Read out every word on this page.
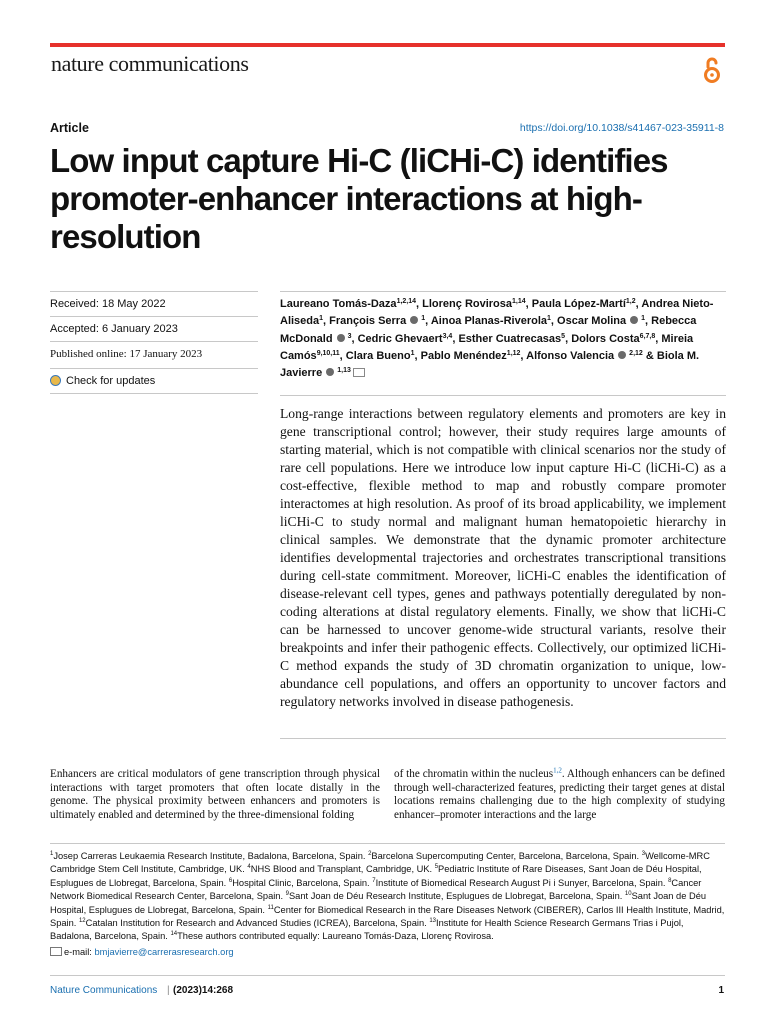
nature communications
Article	https://doi.org/10.1038/s41467-023-35911-8
Low input capture Hi-C (liCHi-C) identifies promoter-enhancer interactions at high-resolution
Received: 18 May 2022
Accepted: 6 January 2023
Published online: 17 January 2023
Check for updates

Laureano Tomás-Daza$^{1,2,14}$, Llorenç Rovirosa$^{1,14}$, Paula López-Martí$^{1,2}$, Andrea Nieto-Aliseda$^1$, François Serra  $^1$, Ainoa Planas-Riverola$^1$, Oscar Molina  $^1$, Rebecca McDonald  $^3$, Cedric Ghevaert$^{3,4}$, Esther Cuatrecasas$^5$, Dolors Costa$^{6,7,8}$, Mireia Camós$^{9,10,11}$, Clara Bueno$^1$, Pablo Menéndez$^{1,12}$, Alfonso Valencia  $^{2,12}$ & Biola M. Javierre  $^{1,13}$

Long-range interactions between regulatory elements and promoters are key in gene transcriptional control; however, their study requires large amounts of starting material, which is not compatible with clinical scenarios nor the study of rare cell populations. Here we introduce low input capture Hi-C (liCHi-C) as a cost-effective, flexible method to map and robustly compare promoter interactomes at high resolution. As proof of its broad applicability, we implement liCHi-C to study normal and malignant human hematopoietic hierarchy in clinical samples. We demonstrate that the dynamic promoter architecture identifies developmental trajectories and orchestrates transcriptional transitions during cell-state commitment. Moreover, liCHi-C enables the identification of disease-relevant cell types, genes and pathways potentially deregulated by non-coding alterations at distal regulatory elements. Finally, we show that liCHi-C can be harnessed to uncover genome-wide structural variants, resolve their breakpoints and infer their pathogenic effects. Collectively, our optimized liCHi-C method expands the study of 3D chromatin organization to unique, low-abundance cell populations, and offers an opportunity to uncover factors and regulatory networks involved in disease pathogenesis.

Enhancers are critical modulators of gene transcription through physical interactions with target promoters that often locate distally in the genome. The physical proximity between enhancers and promoters is ultimately enabled and determined by the three-dimensional folding

of the chromatin within the nucleus$^{1,2}$. Although enhancers can be defined through well-characterized features, predicting their target genes at distal locations remains challenging due to the high complexity of studying enhancer–promoter interactions and the large

$^1$Josep Carreras Leukaemia Research Institute, Badalona, Barcelona, Spain. $^2$Barcelona Supercomputing Center, Barcelona, Barcelona, Spain. $^3$Wellcome-MRC Cambridge Stem Cell Institute, Cambridge, UK. $^4$NHS Blood and Transplant, Cambridge, UK. $^5$Pediatric Institute of Rare Diseases, Sant Joan de Déu Hospital, Esplugues de Llobregat, Barcelona, Spain. $^6$Hospital Clinic, Barcelona, Spain. $^7$Institute of Biomedical Research August Pi i Sunyer, Barcelona, Spain. $^8$Cancer Network Biomedical Research Center, Barcelona, Spain. $^9$Sant Joan de Déu Research Institute, Esplugues de Llobregat, Barcelona, Spain. $^{10}$Sant Joan de Déu Hospital, Esplugues de Llobregat, Barcelona, Spain. $^{11}$Center for Biomedical Research in the Rare Diseases Network (CIBERER), Carlos III Health Institute, Madrid, Spain. $^{12}$Catalan Institution for Research and Advanced Studies (ICREA), Barcelona, Spain. $^{13}$Institute for Health Science Research Germans Trias i Pujol, Badalona, Barcelona, Spain. $^{14}$These authors contributed equally: Laureano Tomás-Daza, Llorenç Rovirosa.

e-mail: bmjavierre@carrerasresearch.org
Nature Communications | (2023)14:268	1
